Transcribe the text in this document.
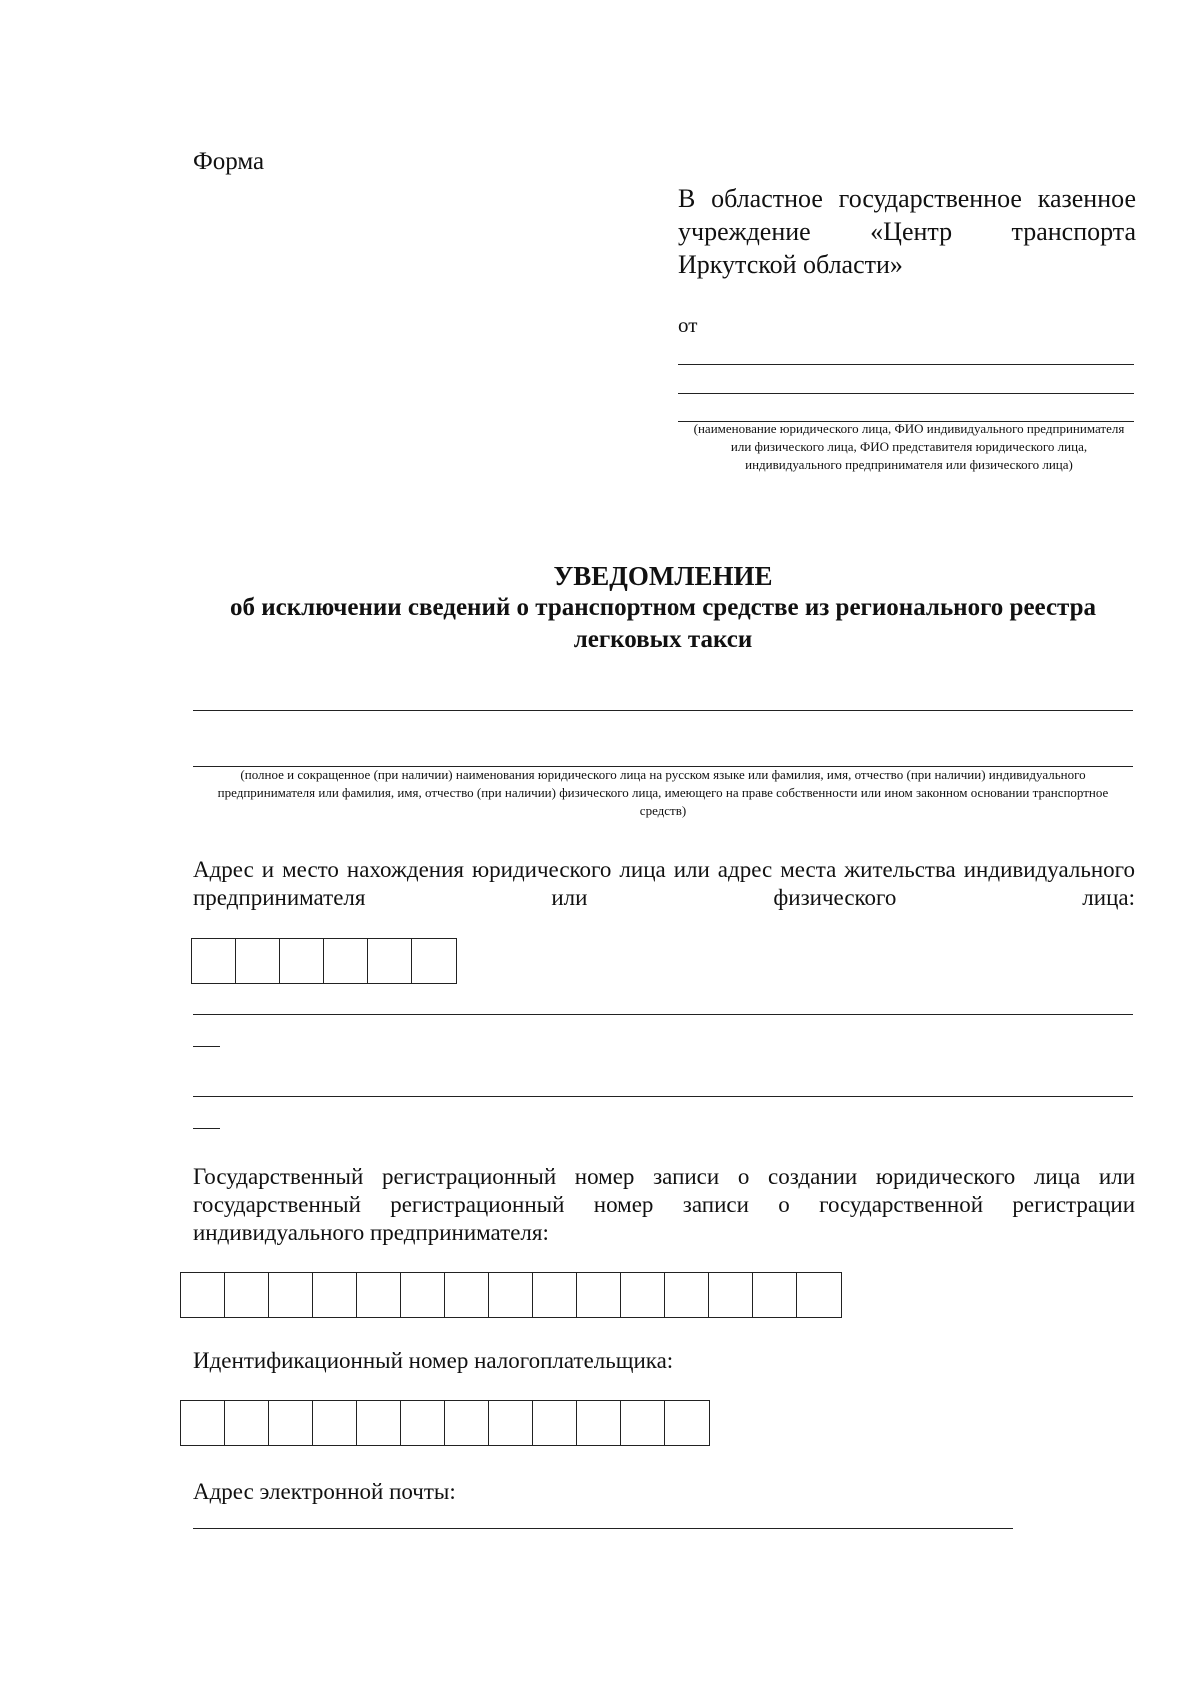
Форма
В областное государственное казенное учреждение «Центр транспорта Иркутской области»
от
(наименование юридического лица, ФИО индивидуального предпринимателя или физического лица, ФИО представителя юридического лица, индивидуального предпринимателя или физического лица)
УВЕДОМЛЕНИЕ
об исключении сведений о транспортном средстве из регионального реестра легковых такси
(полное и сокращенное (при наличии) наименования юридического лица на русском языке или фамилия, имя, отчество (при наличии) индивидуального предпринимателя или фамилия, имя, отчество (при наличии) физического лица, имеющего на праве собственности или ином законном основании транспортное средств)
Адрес и место нахождения юридического лица или адрес места жительства индивидуального предпринимателя или физического лица:
Государственный регистрационный номер записи о создании юридического лица или государственный регистрационный номер записи о государственной регистрации индивидуального предпринимателя:
Идентификационный номер налогоплательщика:
Адрес электронной почты:
